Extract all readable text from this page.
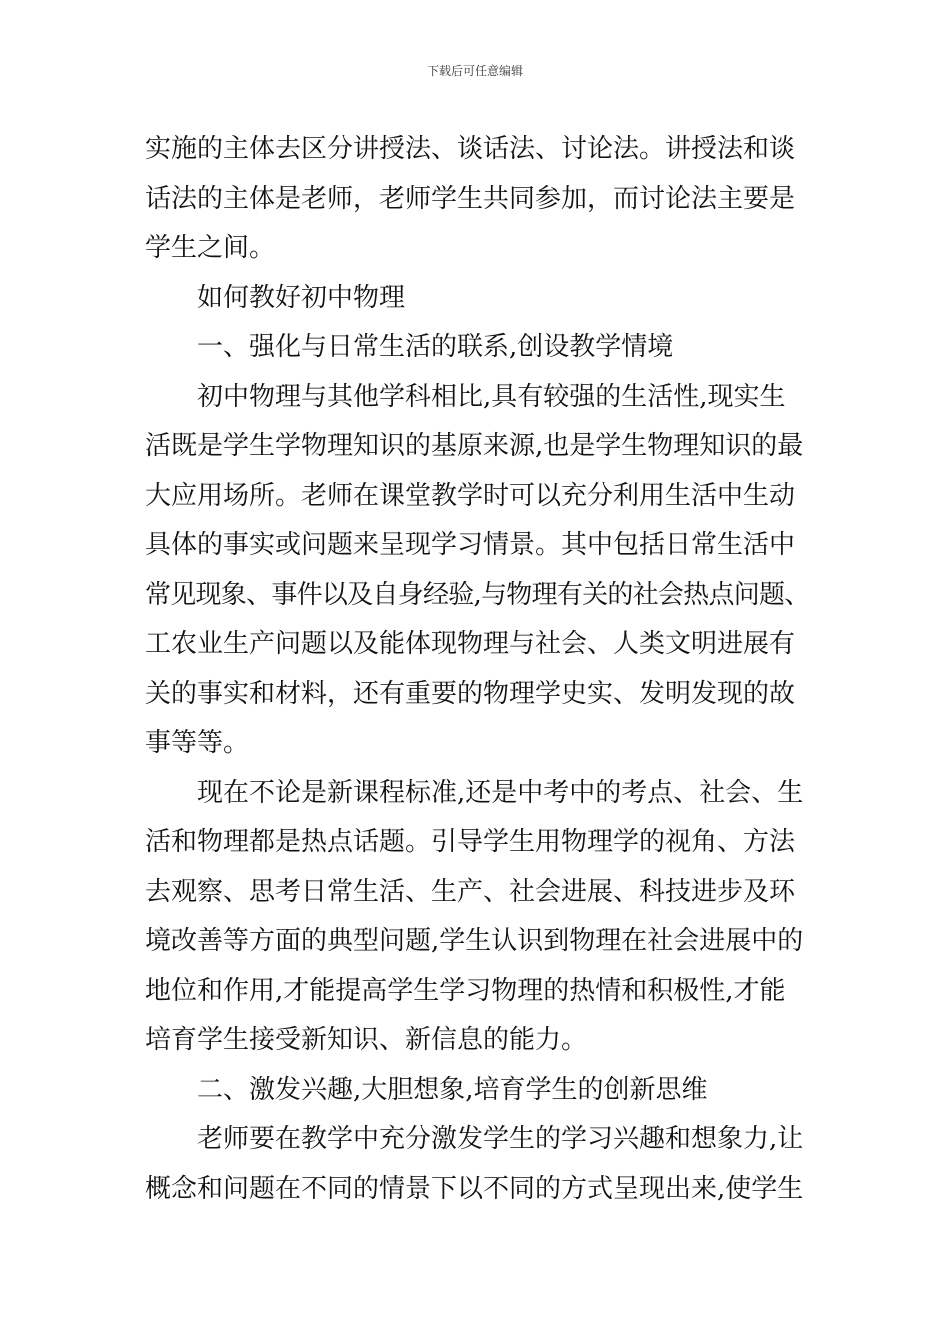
下载后可任意编辑
实施的主体去区分讲授法、谈话法、讨论法。讲授法和谈
话法的主体是老师，老师学生共同参加，而讨论法主要是
学生之间。
如何教好初中物理
一、强化与日常生活的联系,创设教学情境
初中物理与其他学科相比,具有较强的生活性,现实生
活既是学生学物理知识的基原来源,也是学生物理知识的最
大应用场所。老师在课堂教学时可以充分利用生活中生动
具体的事实或问题来呈现学习情景。其中包括日常生活中
常见现象、事件以及自身经验,与物理有关的社会热点问题、
工农业生产问题以及能体现物理与社会、人类文明进展有
关的事实和材料，还有重要的物理学史实、发明发现的故
事等等。
现在不论是新课程标准,还是中考中的考点、社会、生
活和物理都是热点话题。引导学生用物理学的视角、方法
去观察、思考日常生活、生产、社会进展、科技进步及环
境改善等方面的典型问题,学生认识到物理在社会进展中的
地位和作用,才能提高学生学习物理的热情和积极性,才能
培育学生接受新知识、新信息的能力。
二、激发兴趣,大胆想象,培育学生的创新思维
老师要在教学中充分激发学生的学习兴趣和想象力,让
概念和问题在不同的情景下以不同的方式呈现出来,使学生
